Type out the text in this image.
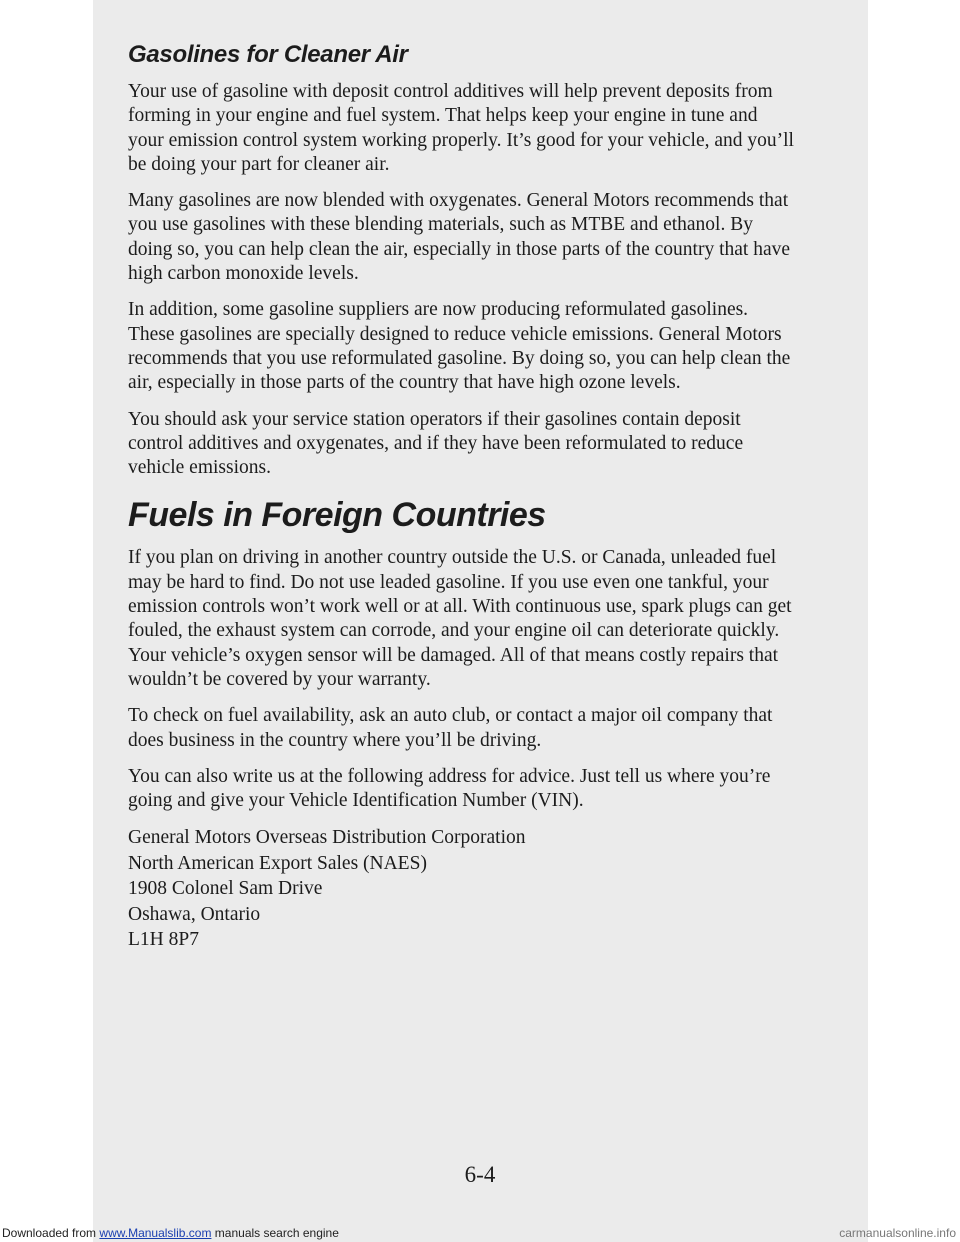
Gasolines for Cleaner Air

Your use of gasoline with deposit control additives will help prevent deposits from forming in your engine and fuel system. That helps keep your engine in tune and your emission control system working properly. It’s good for your vehicle, and you’ll be doing your part for cleaner air.

Many gasolines are now blended with oxygenates. General Motors recommends that you use gasolines with these blending materials, such as MTBE and ethanol. By doing so, you can help clean the air, especially in those parts of the country that have high carbon monoxide levels.

In addition, some gasoline suppliers are now producing reformulated gasolines. These gasolines are specially designed to reduce vehicle emissions. General Motors recommends that you use reformulated gasoline. By doing so, you can help clean the air, especially in those parts of the country that have high ozone levels.

You should ask your service station operators if their gasolines contain deposit control additives and oxygenates, and if they have been reformulated to reduce vehicle emissions.

Fuels in Foreign Countries

If you plan on driving in another country outside the U.S. or Canada, unleaded fuel may be hard to find. Do not use leaded gasoline. If you use even one tankful, your emission controls won’t work well or at all. With continuous use, spark plugs can get fouled, the exhaust system can corrode, and your engine oil can deteriorate quickly. Your vehicle’s oxygen sensor will be damaged. All of that means costly repairs that wouldn’t be covered by your warranty.

To check on fuel availability, ask an auto club, or contact a major oil company that does business in the country where you’ll be driving.

You can also write us at the following address for advice. Just tell us where you’re going and give your Vehicle Identification Number (VIN).

General Motors Overseas Distribution Corporation
North American Export Sales (NAES)
1908 Colonel Sam Drive
Oshawa, Ontario
L1H 8P7
6-4
Downloaded from www.Manualslib.com manuals search engine	carmanualsonline.info
